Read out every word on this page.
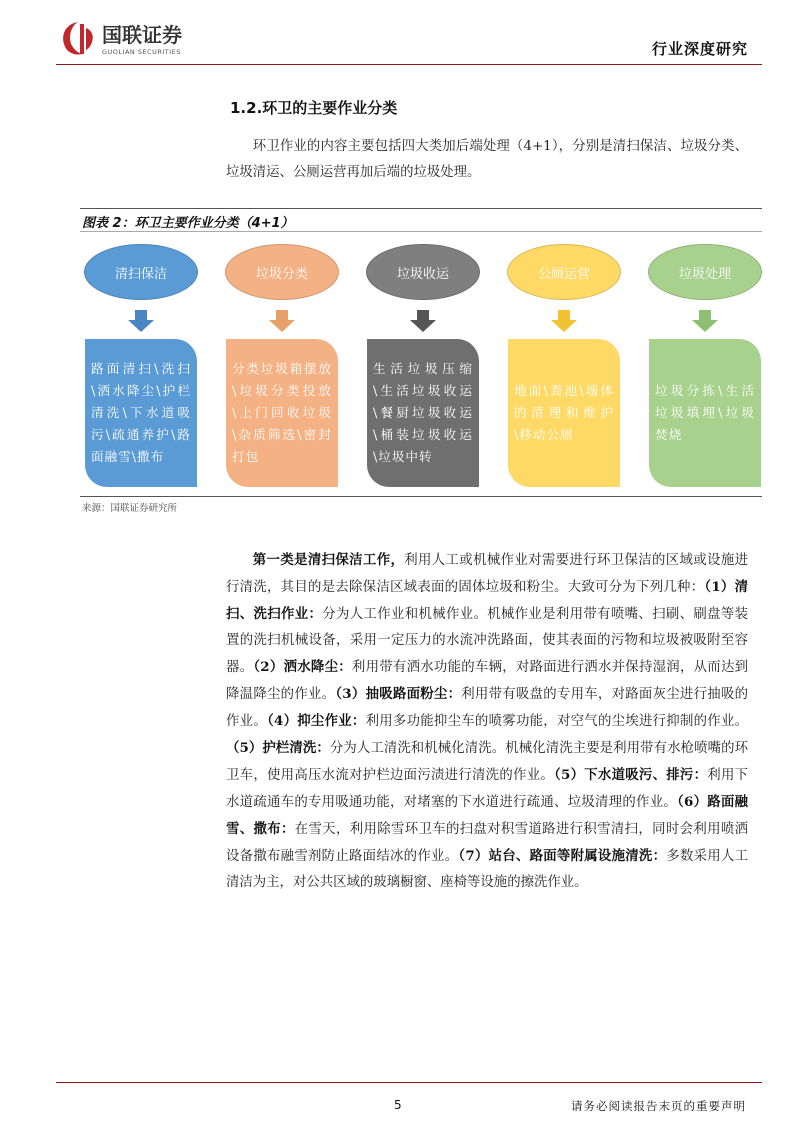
国联证券
GUOLIAN SECURITIES	行业深度研究
1.2.环卫的主要作业分类

环卫作业的内容主要包括四大类加后端处理（4+1），分别是清扫保洁、垃圾分类、垃圾清运、公厕运营再加后端的垃圾处理。

图表 2：环卫主要作业分类（4+1）
清扫保洁
路面清扫\洗扫\洒水降尘\护栏清洗\下水道吸污\疏通养护\路面融雪\撒布
垃圾分类
分类垃圾箱摆放\垃圾分类投放\上门回收垃圾\杂质筛选\密封打包
垃圾收运
生活垃圾压缩\生活垃圾收运\餐厨垃圾收运\桶装垃圾收运\垃圾中转
公厕运营
地面\粪池\墙体的清理和维护\移动公厕
垃圾处理
垃圾分拣\生活垃圾填埋\垃圾焚烧
来源：国联证券研究所

第一类是清扫保洁工作，利用人工或机械作业对需要进行环卫保洁的区域或设施进行清洗，其目的是去除保洁区域表面的固体垃圾和粉尘。大致可分为下列几种：（1）清扫、洗扫作业：分为人工作业和机械作业。机械作业是利用带有喷嘴、扫刷、刷盘等装置的洗扫机械设备，采用一定压力的水流冲洗路面，使其表面的污物和垃圾被吸附至容器。（2）洒水降尘：利用带有洒水功能的车辆，对路面进行洒水并保持湿润，从而达到降温降尘的作业。（3）抽吸路面粉尘：利用带有吸盘的专用车，对路面灰尘进行抽吸的作业。（4）抑尘作业：利用多功能抑尘车的喷雾功能，对空气的尘埃进行抑制的作业。（5）护栏清洗：分为人工清洗和机械化清洗。机械化清洗主要是利用带有水枪喷嘴的环卫车，使用高压水流对护栏边面污渍进行清洗的作业。（5）下水道吸污、排污：利用下水道疏通车的专用吸通功能，对堵塞的下水道进行疏通、垃圾清理的作业。（6）路面融雪、撒布：在雪天，利用除雪环卫车的扫盘对积雪道路进行积雪清扫，同时会利用喷洒设备撒布融雪剂防止路面结冰的作业。（7）站台、路面等附属设施清洗：多数采用人工清洁为主，对公共区域的玻璃橱窗、座椅等设施的擦洗作业。

5	请务必阅读报告末页的重要声明
